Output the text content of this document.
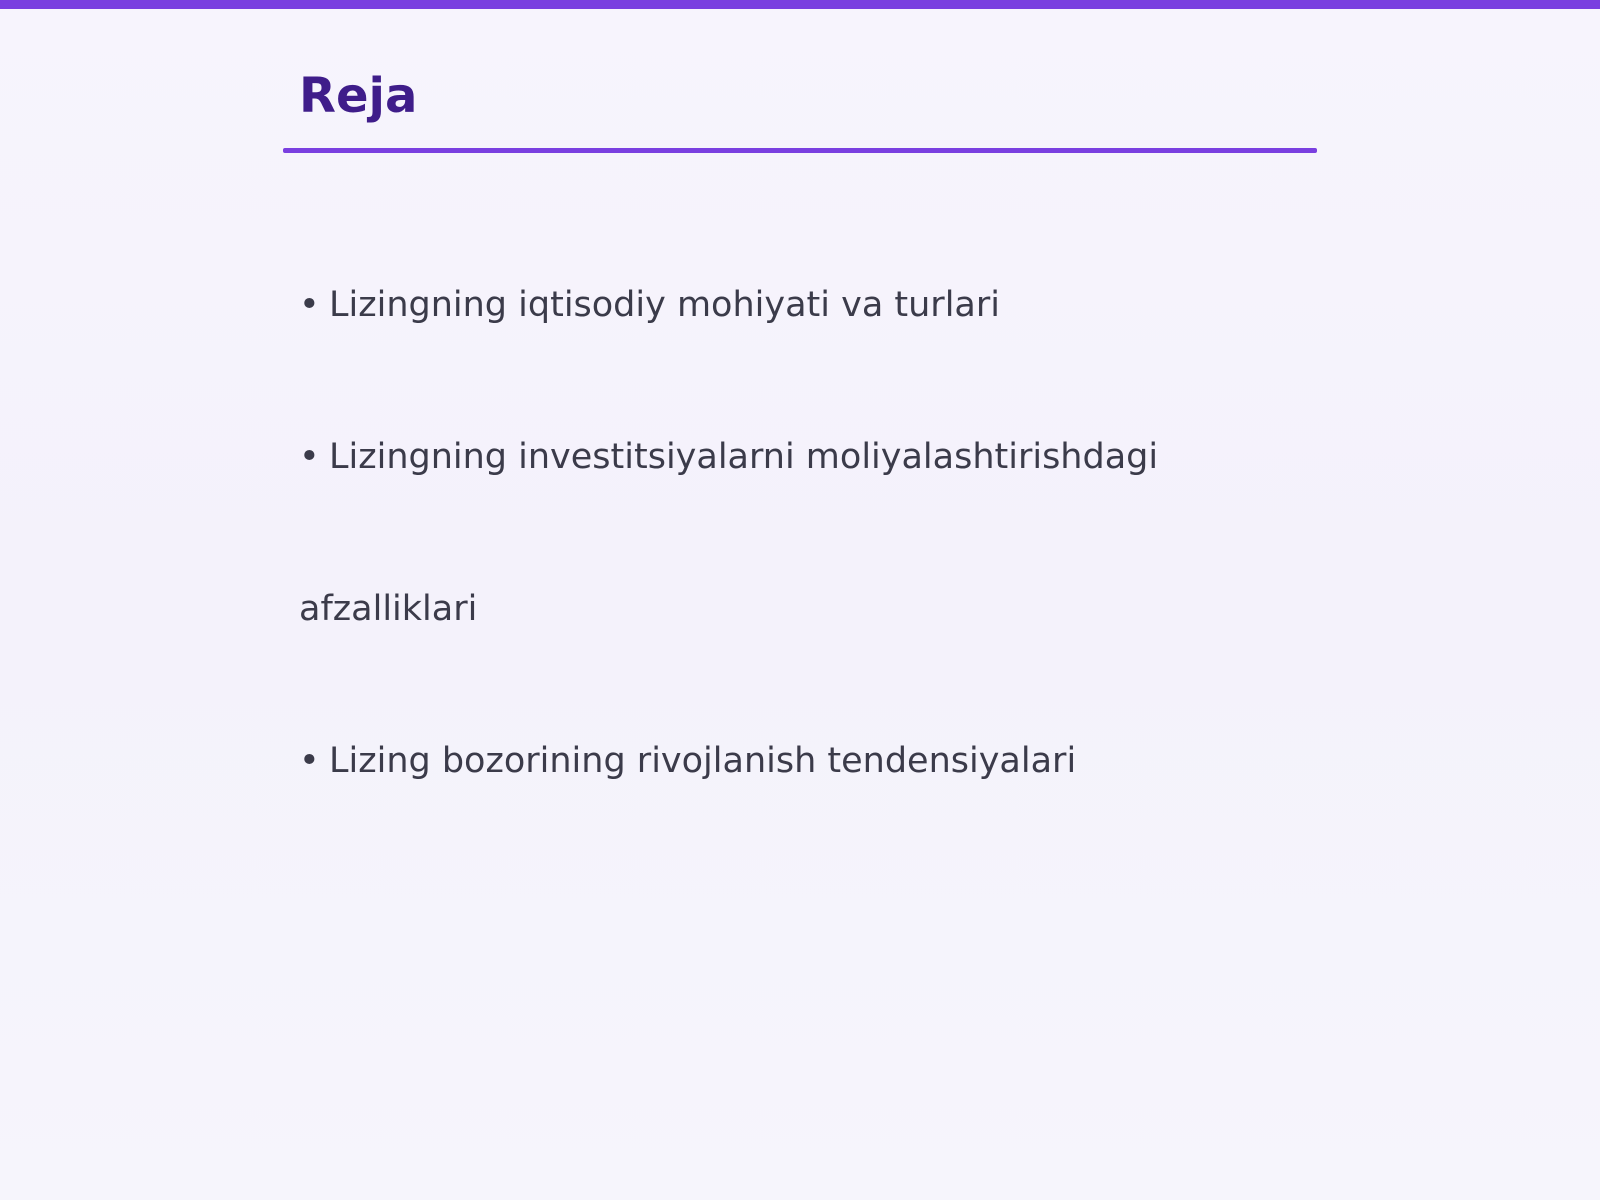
Reja

• Lizingning iqtisodiy mohiyati va turlari

• Lizingning investitsiyalarni moliyalashtirishdagi

afzalliklari

• Lizing bozorining rivojlanish tendensiyalari
